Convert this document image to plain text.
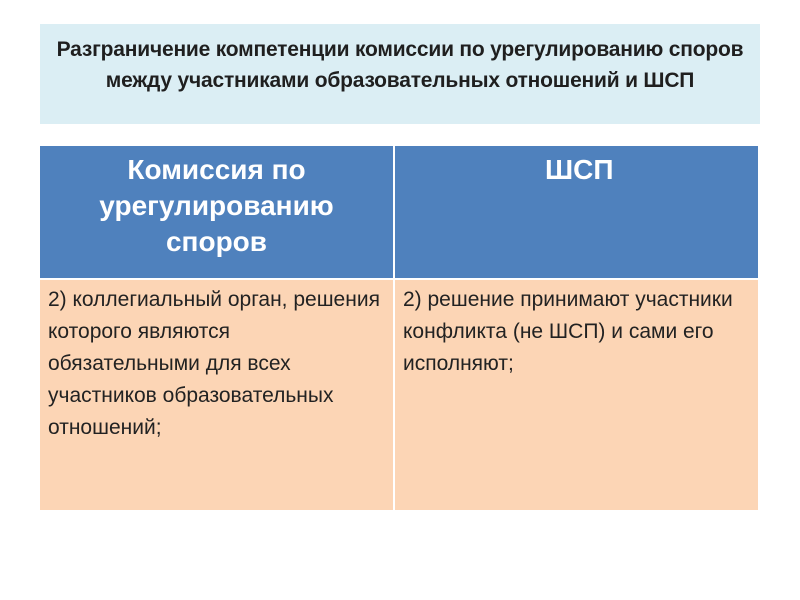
Разграничение компетенции комиссии по урегулированию споров между участниками образовательных отношений и ШСП
Комиссия по урегулированию споров	ШСП
2) коллегиальный орган, решения которого являются обязательными для всех участников образовательных отношений;	2) решение принимают участники конфликта (не ШСП) и сами его исполняют;
